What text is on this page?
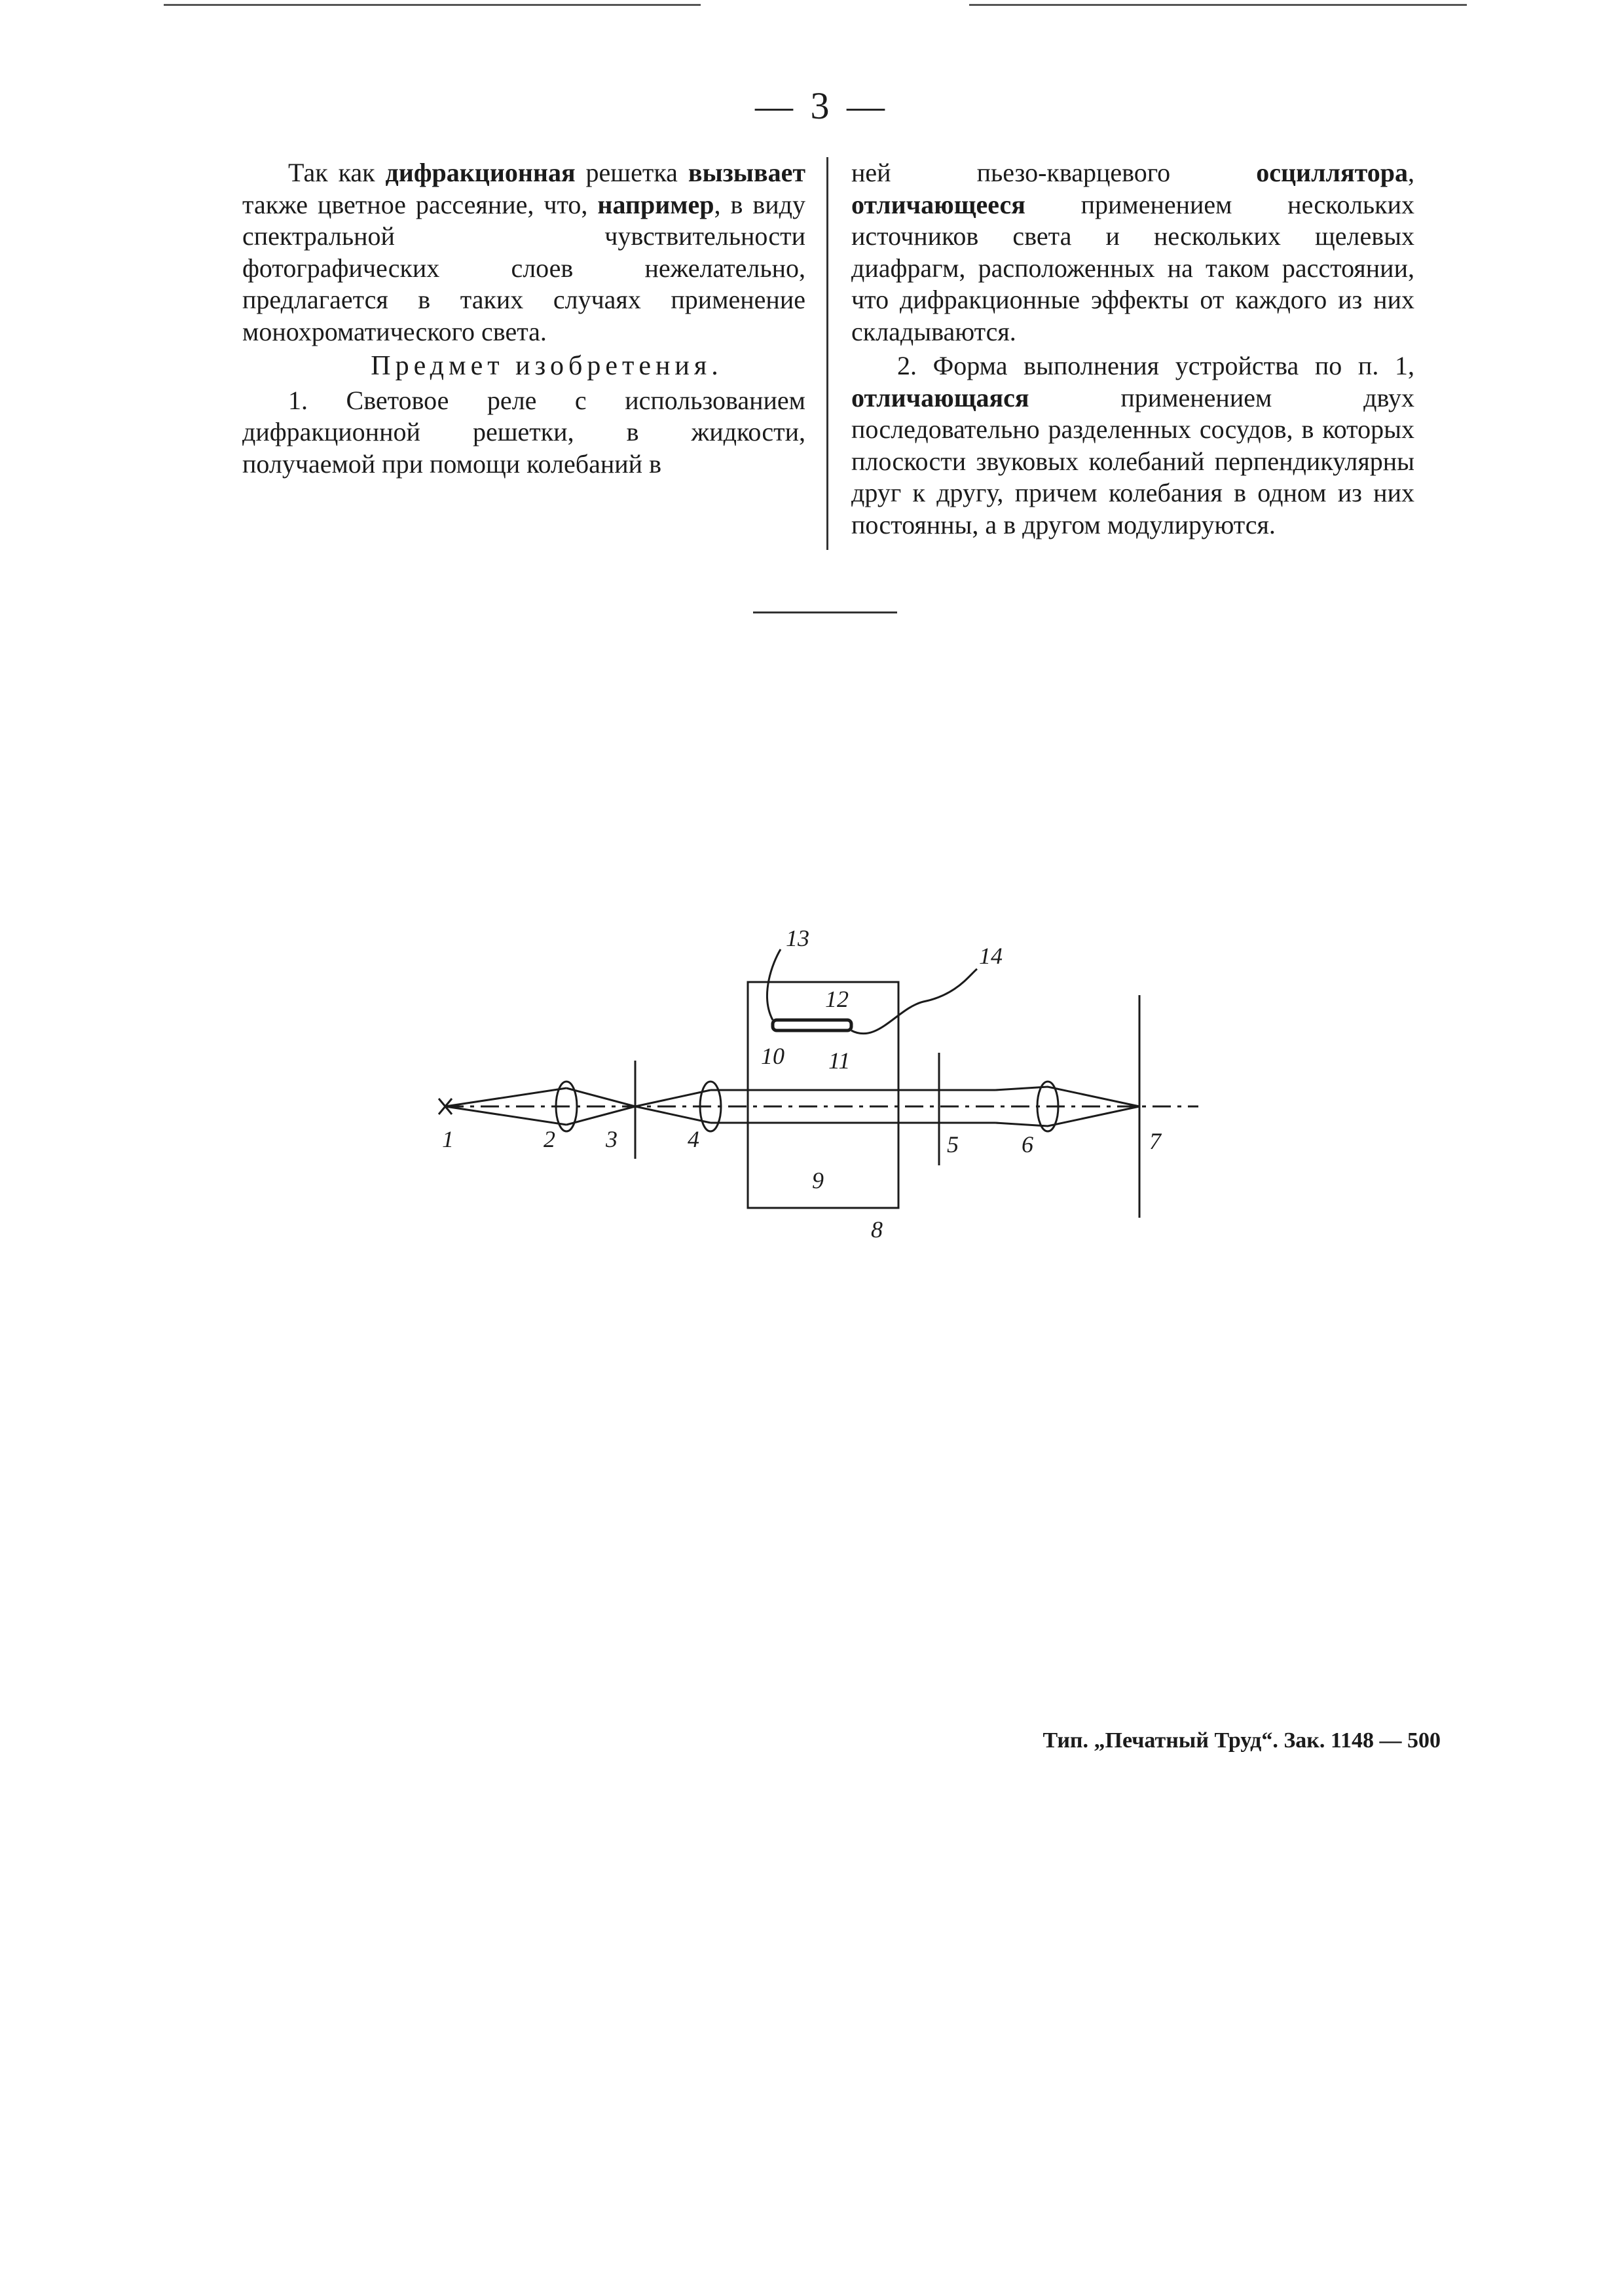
— 3 —

Так как дифракционная решетка вызывает также цветное рассеяние, что, например, в виду спектральной чувствительности фотографических слоев нежелательно, предлагается в таких случаях применение монохроматического света.

Предмет изобретения.

1. Световое реле с использованием дифракционной решетки, в жидкости, получаемой при помощи колебаний в

ней пьезо-кварцевого осциллятора, отличающееся применением нескольких источников света и нескольких щелевых диафрагм, расположенных на таком расстоянии, что дифракционные эффекты от каждого из них складываются.

2. Форма выполнения устройства по п. 1, отличающаяся применением двух последовательно разделенных сосудов, в которых плоскости звуковых колебаний перпендикулярны друг к другу, причем колебания в одном из них постоянны, а в другом модулируются.

1	2 3	4	5	6	7
8
9
10 11
12
13
14
Тип. „Печатный Труд“. Зак. 1148 — 500
